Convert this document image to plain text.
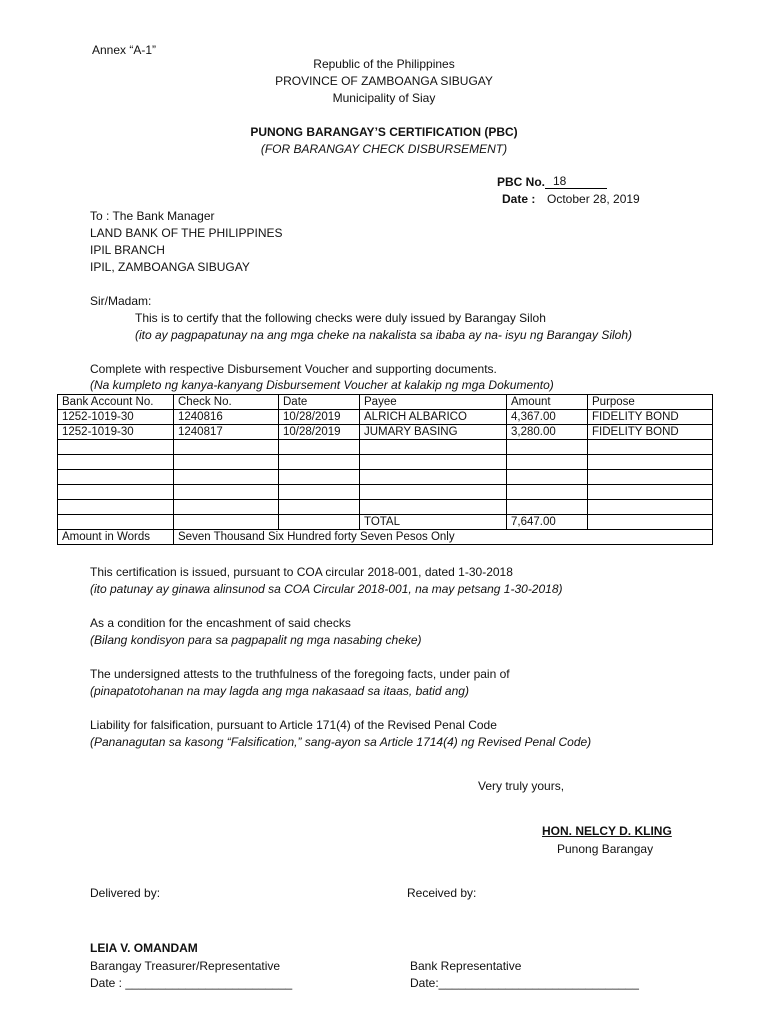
Annex “A-1”
Republic of the Philippines
PROVINCE OF ZAMBOANGA SIBUGAY
Municipality of Siay
PUNONG BARANGAY’S CERTIFICATION (PBC)
(FOR BARANGAY CHECK DISBURSEMENT)
PBC No. 18
Date : October 28, 2019
To : The Bank Manager
LAND BANK OF THE PHILIPPINES
IPIL BRANCH
IPIL, ZAMBOANGA SIBUGAY
Sir/Madam:
This is to certify that the following checks were duly issued by Barangay Siloh
(ito ay pagpapatunay na ang mga cheke na nakalista sa ibaba ay na- isyu ng Barangay Siloh)
Complete with respective Disbursement Voucher and supporting documents.
(Na kumpleto ng kanya-kanyang Disbursement Voucher at kalakip ng mga Dokumento)
Bank Account No.	Check No.	Date	Payee	Amount	Purpose
1252-1019-30	1240816	10/28/2019	ALRICH ALBARICO	4,367.00	FIDELITY BOND
1252-1019-30	1240817	10/28/2019	JUMARY BASING	3,280.00	FIDELITY BOND

			TOTAL	7,647.00	
Amount in Words	Seven Thousand Six Hundred forty Seven Pesos Only				
This certification is issued, pursuant to COA circular 2018-001, dated 1-30-2018
(ito patunay ay ginawa alinsunod sa COA Circular 2018-001, na may petsang 1-30-2018)
As a condition for the encashment of said checks
(Bilang kondisyon para sa pagpapalit ng mga nasabing cheke)
The undersigned attests to the truthfulness of the foregoing facts, under pain of
(pinapatotohanan na may lagda ang mga nakasaad sa itaas, batid ang)
Liability for falsification, pursuant to Article 171(4) of the Revised Penal Code
(Pananagutan sa kasong “Falsification,” sang-ayon sa Article 1714(4) ng Revised Penal Code)
Very truly yours,
HON. NELCY D. KLING
Punong Barangay
Delivered by:	Received by:
LEIA V. OMANDAM
Barangay Treasurer/Representative	Bank Representative
Date : _________________________	Date:______________________________
